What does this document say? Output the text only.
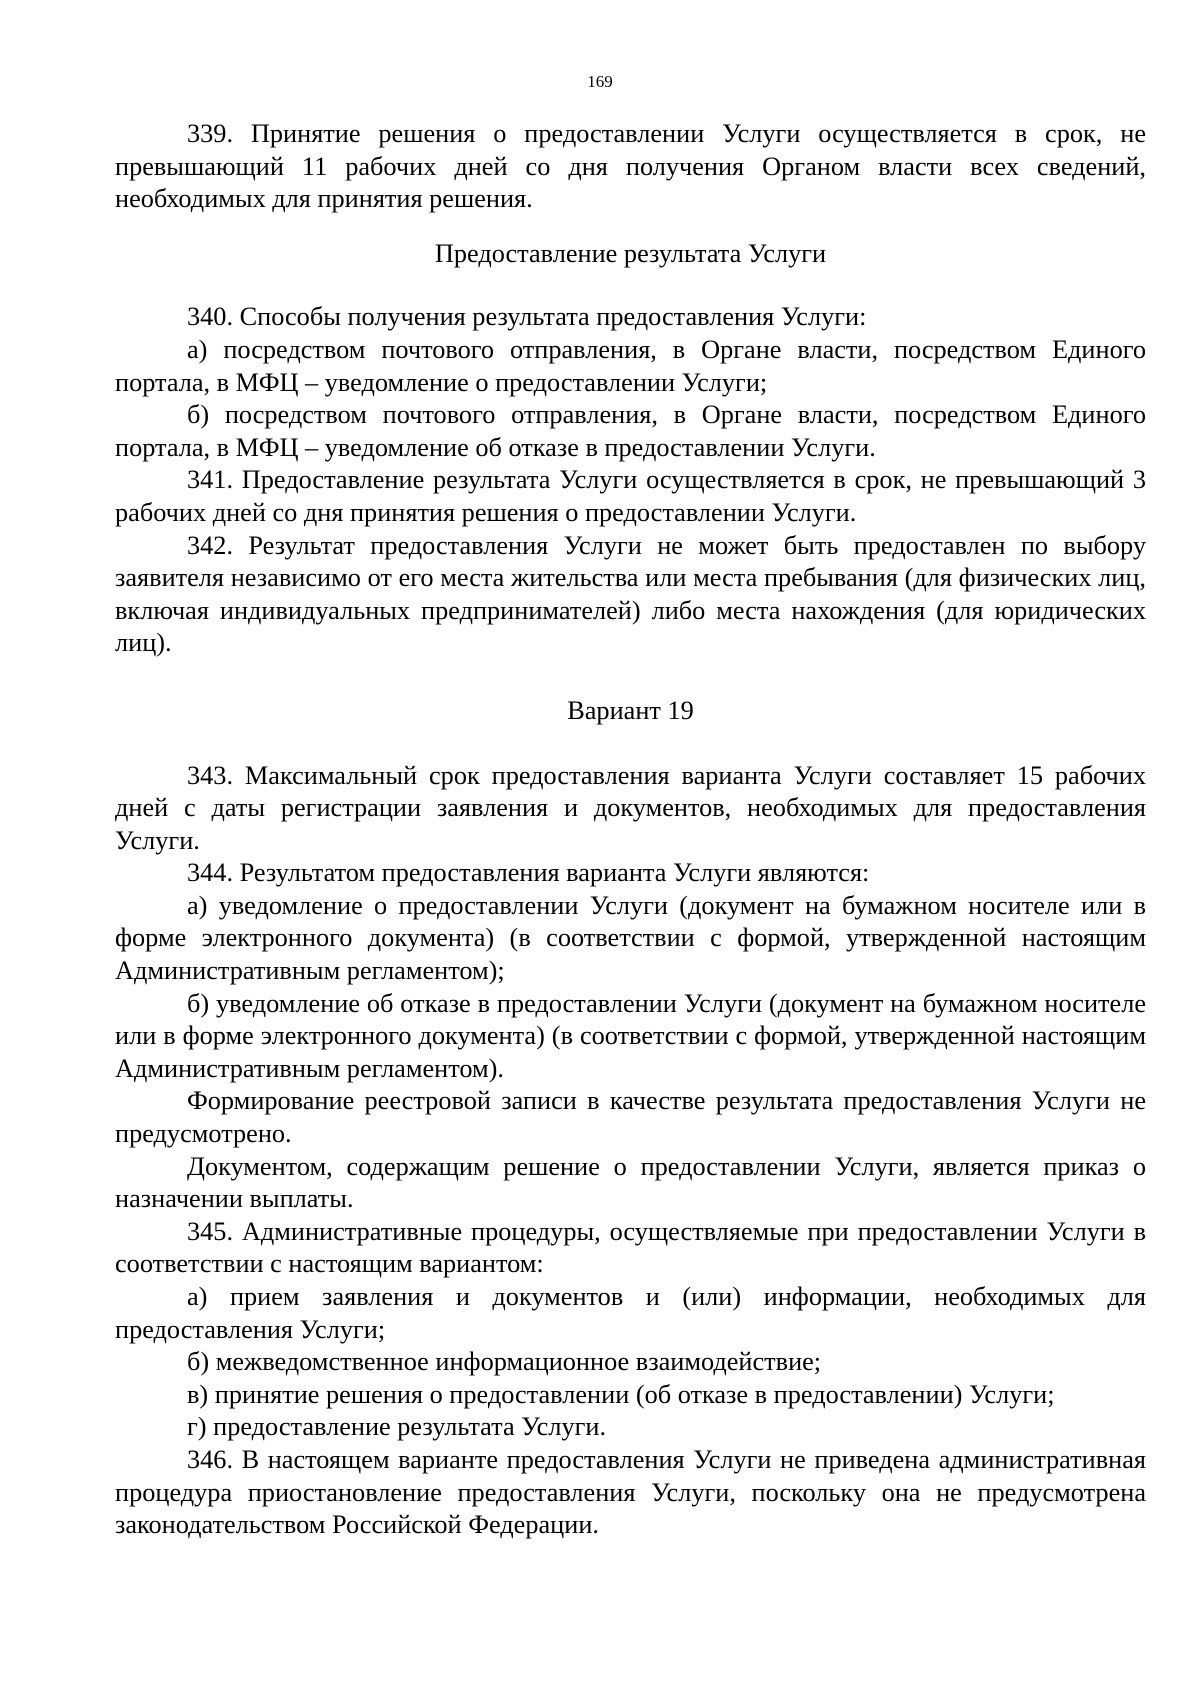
169

339. Принятие решения о предоставлении Услуги осуществляется в срок, не превышающий 11 рабочих дней со дня получения Органом власти всех сведений, необходимых для принятия решения.

Предоставление результата Услуги

340. Способы получения результата предоставления Услуги:

а) посредством почтового отправления, в Органе власти, посредством Единого портала, в МФЦ – уведомление о предоставлении Услуги;

б) посредством почтового отправления, в Органе власти, посредством Единого портала, в МФЦ – уведомление об отказе в предоставлении Услуги.

341. Предоставление результата Услуги осуществляется в срок, не превышающий 3 рабочих дней со дня принятия решения о предоставлении Услуги.

342. Результат предоставления Услуги не может быть предоставлен по выбору заявителя независимо от его места жительства или места пребывания (для физических лиц, включая индивидуальных предпринимателей) либо места нахождения (для юридических лиц).

Вариант 19

343. Максимальный срок предоставления варианта Услуги составляет 15 рабочих дней с даты регистрации заявления и документов, необходимых для предоставления Услуги.

344. Результатом предоставления варианта Услуги являются:

а) уведомление о предоставлении Услуги (документ на бумажном носителе или в форме электронного документа) (в соответствии с формой, утвержденной настоящим Административным регламентом);

б) уведомление об отказе в предоставлении Услуги (документ на бумажном носителе или в форме электронного документа) (в соответствии с формой, утвержденной настоящим Административным регламентом).

Формирование реестровой записи в качестве результата предоставления Услуги не предусмотрено.

Документом, содержащим решение о предоставлении Услуги, является приказ о назначении выплаты.

345. Административные процедуры, осуществляемые при предоставлении Услуги в соответствии с настоящим вариантом:

а) прием заявления и документов и (или) информации, необходимых для предоставления Услуги;

б) межведомственное информационное взаимодействие;

в) принятие решения о предоставлении (об отказе в предоставлении) Услуги;

г) предоставление результата Услуги.

346. В настоящем варианте предоставления Услуги не приведена административная процедура приостановление предоставления Услуги, поскольку она не предусмотрена законодательством Российской Федерации.
